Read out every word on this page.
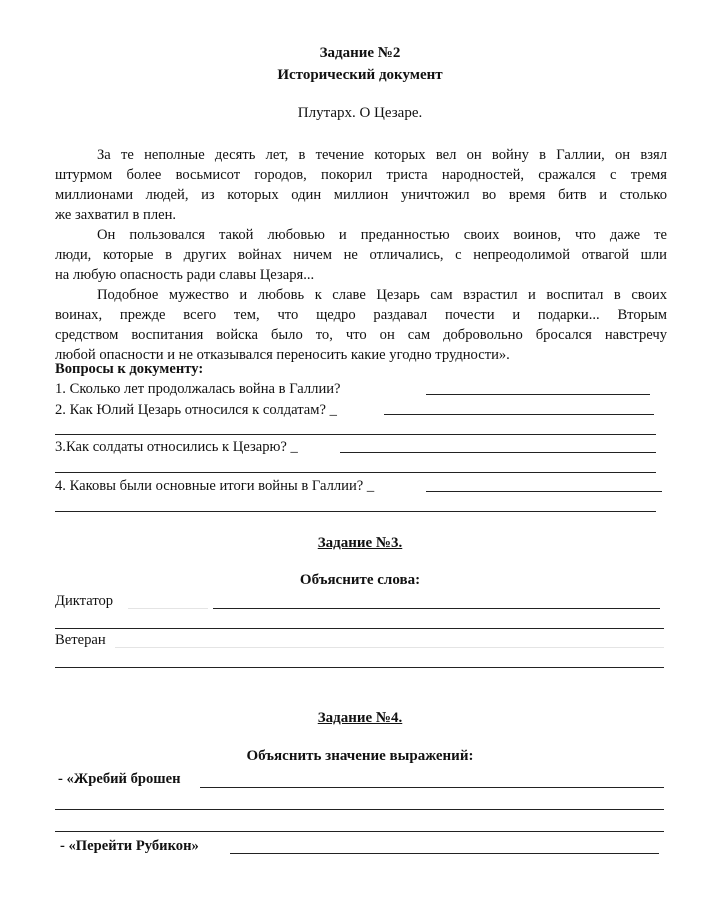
Задание №2
Исторический документ
Плутарх. О Цезаре.
За те неполные десять лет, в течение которых вел он войну в Галлии, он взял
штурмом более восьмисот городов, покорил триста народностей, сражался с тремя
миллионами людей, из которых один миллион уничтожил во время битв и столько
же захватил в плен.
Он пользовался такой любовью и преданностью своих воинов, что даже те
люди, которые в других войнах ничем не отличались, с непреодолимой отвагой шли
на любую опасность ради славы Цезаря...
Подобное мужество и любовь к славе Цезарь сам взрастил и воспитал в своих
воинах, прежде всего тем, что щедро раздавал почести и подарки... Вторым
средством воспитания войска было то, что он сам добровольно бросался навстречу
любой опасности и не отказывался переносить какие угодно трудности».
Вопросы к документу:
1. Сколько лет продолжалась война в Галлии?
2. Как Юлий Цезарь относился к солдатам? _
3.Как солдаты относились к Цезарю? _
4. Каковы были основные итоги войны в Галлии? _
Задание №3.
Объясните слова:
Диктатор
Ветеран
Задание №4.
Объяснить значение выражений:
- «Жребий брошен
- «Перейти Рубикон»
